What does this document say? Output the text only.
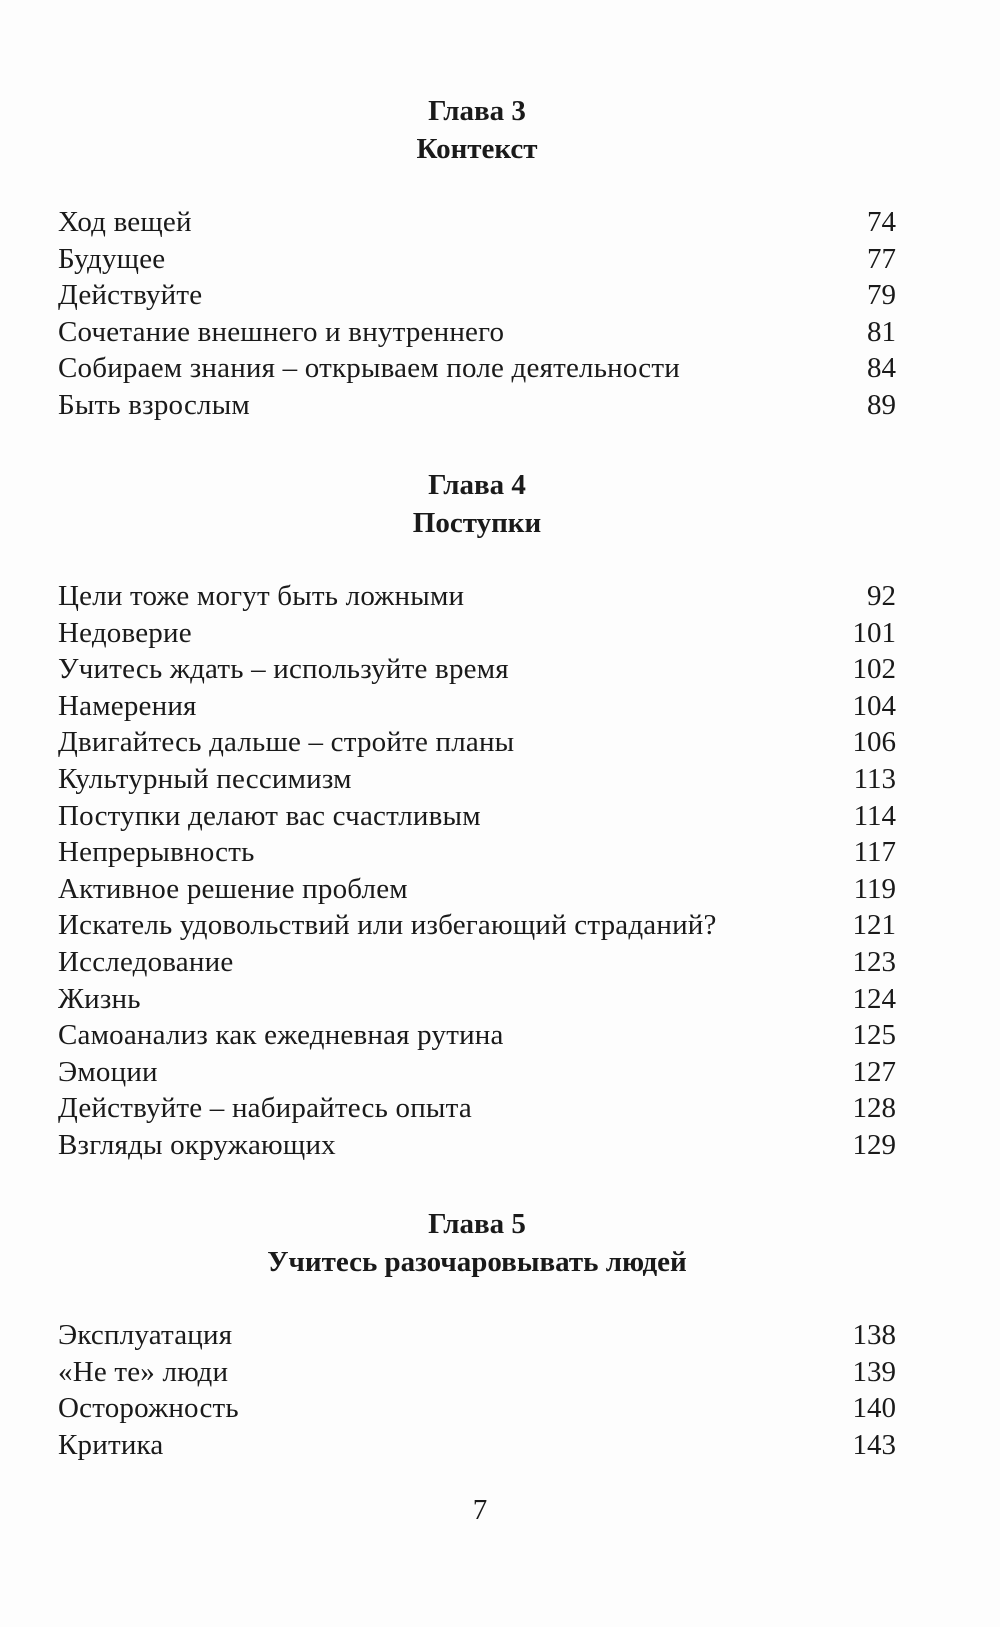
Глава 3
Контекст
Ход вещей	74
Будущее	77
Действуйте	79
Сочетание внешнего и внутреннего	81
Собираем знания – открываем поле деятельности	84
Быть взрослым	89
Глава 4
Поступки
Цели тоже могут быть ложными	92
Недоверие	101
Учитесь ждать – используйте время	102
Намерения	104
Двигайтесь дальше – стройте планы	106
Культурный пессимизм	113
Поступки делают вас счастливым	114
Непрерывность	117
Активное решение проблем	119
Искатель удовольствий или избегающий страданий?	121
Исследование	123
Жизнь	124
Самоанализ как ежедневная рутина	125
Эмоции	127
Действуйте – набирайтесь опыта	128
Взгляды окружающих	129
Глава 5
Учитесь разочаровывать людей
Эксплуатация	138
«Не те» люди	139
Осторожность	140
Критика	143
7
